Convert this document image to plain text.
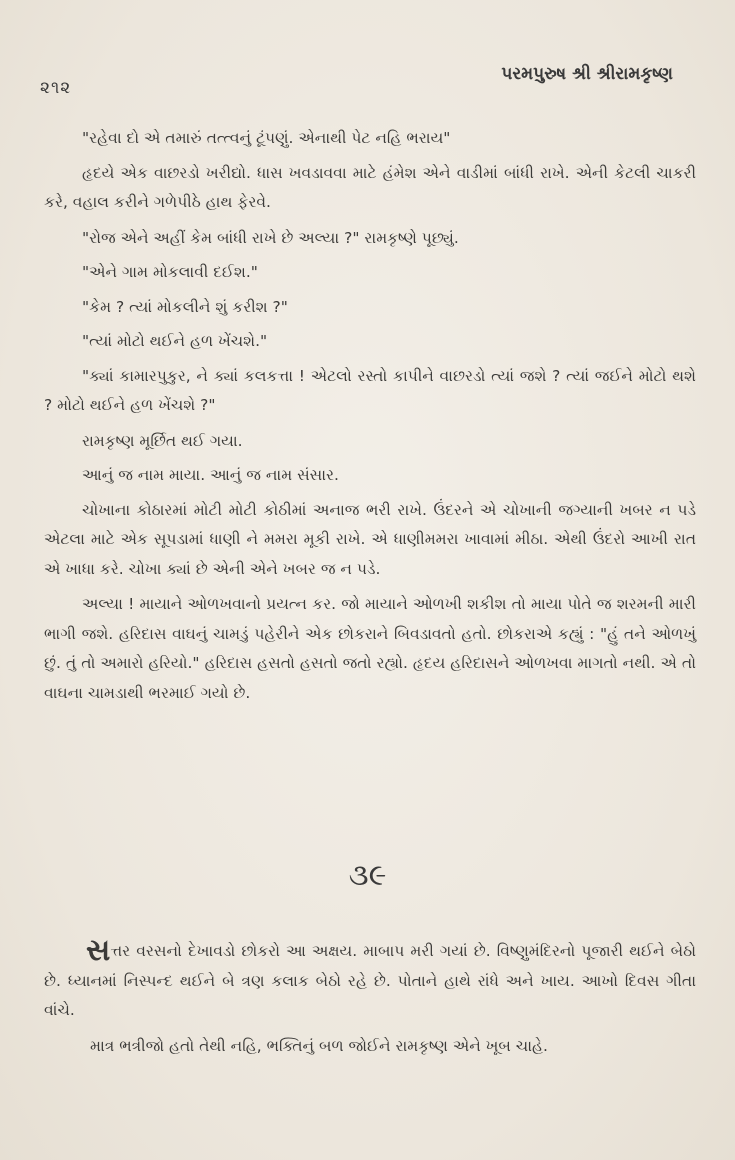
૨૧૨
પરમપુરુષ શ્રી શ્રીરામકૃષ્ણ

"રહેવા દો એ તમારું તત્ત્વનું ટૂંપણું. એનાથી પેટ નહિ ભરાય"

હૃદયે એક વાછરડો ખરીદ્યો. ધાસ ખવડાવવા માટે હંમેશ એને વાડીમાં બાંધી રાખે. એની કેટલી ચાકરી કરે, વહાલ કરીને ગળેપીઠે હાથ ફેરવે.

"રોજ એને અહીં કેમ બાંધી રાખે છે અલ્યા ?" રામકૃષ્ણે પૂછ્યું.

"એને ગામ મોકલાવી દઈશ."

"કેમ ? ત્યાં મોકલીને શું કરીશ ?"

"ત્યાં મોટો થઈને હળ ખેંચશે."

"ક્યાં કામારપુકુર, ને ક્યાં કલકત્તા ! એટલો રસ્તો કાપીને વાછરડો ત્યાં જશે ? ત્યાં જઈને મોટો થશે ? મોટો થઈને હળ ખેંચશે ?"

રામકૃષ્ણ મૂર્છિત થઈ ગયા.

આનું જ નામ માયા. આનું જ નામ સંસાર.

ચોખાના કોઠારમાં મોટી મોટી કોઠીમાં અનાજ ભરી રાખે. ઉંદરને એ ચોખાની જગ્યાની ખબર ન પડે એટલા માટે એક સૂપડામાં ધાણી ને મમરા મૂકી રાખે. એ ધાણીમમરા ખાવામાં મીઠા. એથી ઉંદરો આખી રાત એ ખાધા કરે. ચોખા ક્યાં છે એની એને ખબર જ ન પડે.

અલ્યા ! માયાને ઓળખવાનો પ્રયત્ન કર. જો માયાને ઓળખી શકીશ તો માયા પોતે જ શરમની મારી ભાગી જશે. હરિદાસ વાઘનું ચામડું પહેરીને એક છોકરાને બિવડાવતો હતો. છોકરાએ કહ્યું : "હું તને ઓળખું છું. તું તો અમારો હરિયો." હરિદાસ હસતો હસતો જતો રહ્યો. હૃદય હરિદાસને ઓળખવા માગતો નથી. એ તો વાઘના ચામડાથી ભરમાઈ ગયો છે.

૩૯

સત્તર વરસનો દેખાવડો છોકરો આ અક્ષય. માબાપ મરી ગયાં છે. વિષ્ણુમંદિરનો પૂજારી થઈને બેઠો છે. ધ્યાનમાં નિસ્પન્દ થઈને બે ત્રણ કલાક બેઠો રહે છે. પોતાને હાથે રાંધે અને ખાય. આખો દિવસ ગીતા વાંચે.

માત્ર ભત્રીજો હતો તેથી નહિ, ભક્તિનું બળ જોઈને રામકૃષ્ણ એને ખૂબ ચાહે.
